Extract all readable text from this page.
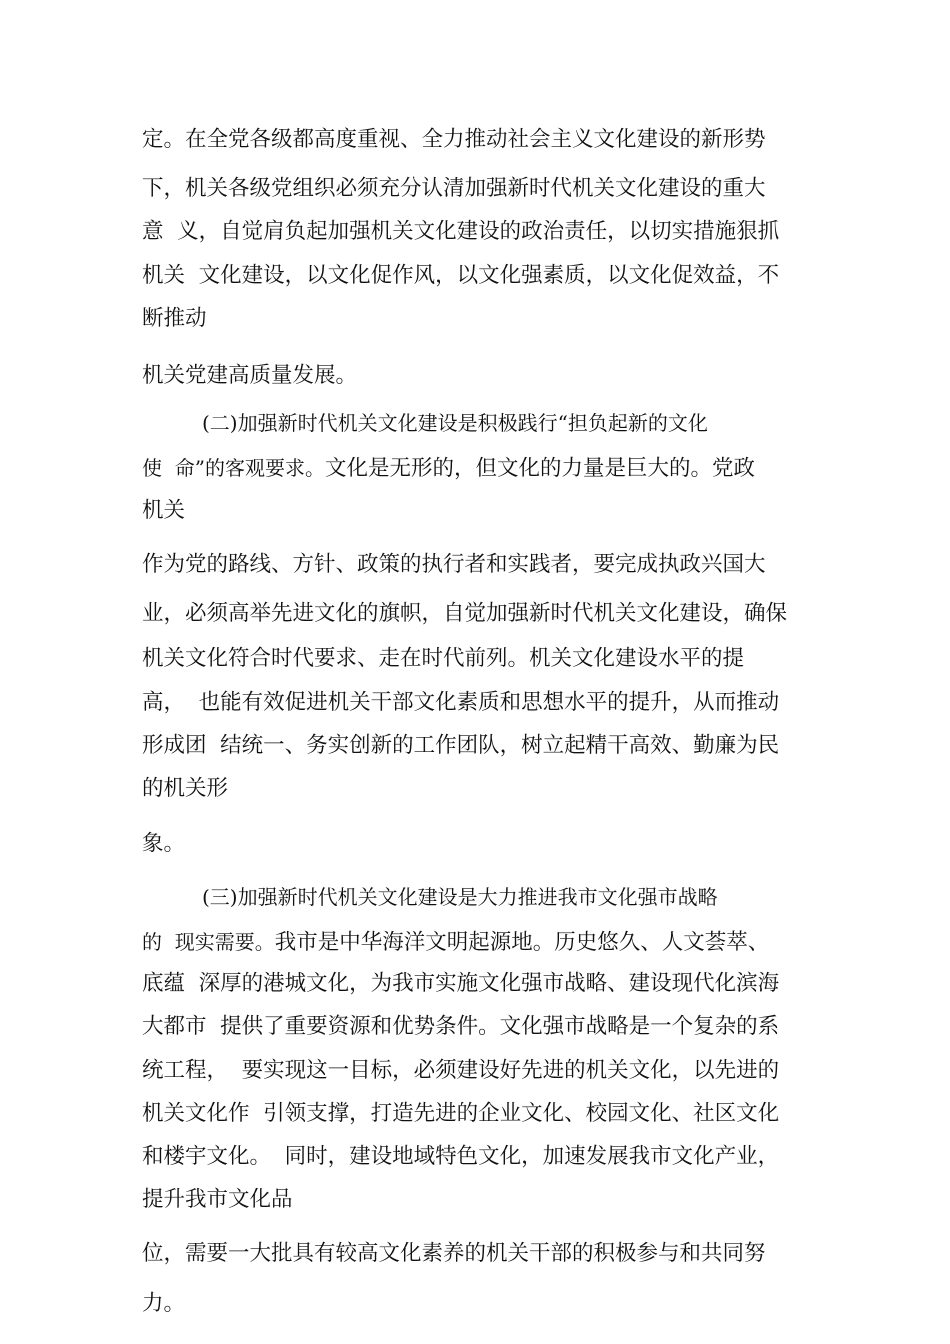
定。在全党各级都高度重视、全力推动社会主义文化建设的新形势

下，机关各级党组织必须充分认清加强新时代机关文化建设的重大

意  义，自觉肩负起加强机关文化建设的政治责任，以切实措施狠抓

机关  文化建设，以文化促作风，以文化强素质，以文化促效益，不

断推动

机关党建高质量发展。

(二)加强新时代机关文化建设是积极践行“担负起新的文化

使  命”的客观要求。文化是无形的，但文化的力量是巨大的。党政

机关

作为党的路线、方针、政策的执行者和实践者，要完成执政兴国大

业，必须高举先进文化的旗帜，自觉加强新时代机关文化建设，确保

机关文化符合时代要求、走在时代前列。机关文化建设水平的提

高，  也能有效促进机关干部文化素质和思想水平的提升，从而推动

形成团  结统一、务实创新的工作团队，树立起精干高效、勤廉为民

的机关形

象。

(三)加强新时代机关文化建设是大力推进我市文化强市战略

的  现实需要。我市是中华海洋文明起源地。历史悠久、人文荟萃、

底蕴  深厚的港城文化，为我市实施文化强市战略、建设现代化滨海

大都市  提供了重要资源和优势条件。文化强市战略是一个复杂的系

统工程，  要实现这一目标，必须建设好先进的机关文化，以先进的

机关文化作  引领支撑，打造先进的企业文化、校园文化、社区文化

和楼宇文化。  同时，建设地域特色文化，加速发展我市文化产业，

提升我市文化品

位，需要一大批具有较高文化素养的机关干部的积极参与和共同努

力。
